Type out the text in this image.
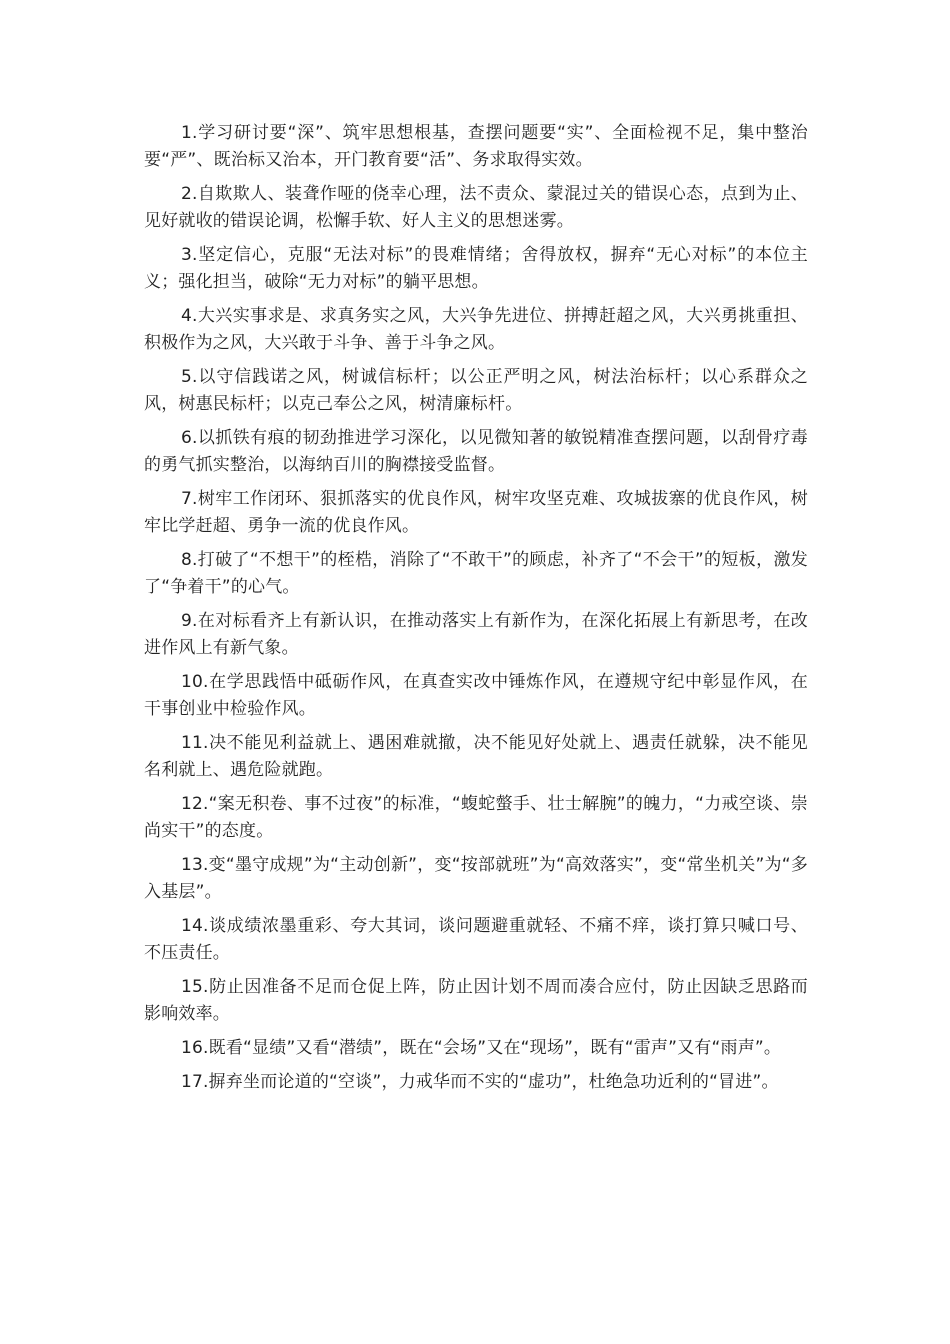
1.学习研讨要“深”、筑牢思想根基，查摆问题要“实”、全面检视不足，集中整治要“严”、既治标又治本，开门教育要“活”、务求取得实效。

2.自欺欺人、装聋作哑的侥幸心理，法不责众、蒙混过关的错误心态，点到为止、见好就收的错误论调，松懈手软、好人主义的思想迷雾。

3.坚定信心，克服“无法对标”的畏难情绪；舍得放权，摒弃“无心对标”的本位主义；强化担当，破除“无力对标”的躺平思想。

4.大兴实事求是、求真务实之风，大兴争先进位、拼搏赶超之风，大兴勇挑重担、积极作为之风，大兴敢于斗争、善于斗争之风。

5.以守信践诺之风，树诚信标杆；以公正严明之风，树法治标杆；以心系群众之风，树惠民标杆；以克己奉公之风，树清廉标杆。

6.以抓铁有痕的韧劲推进学习深化，以见微知著的敏锐精准查摆问题，以刮骨疗毒的勇气抓实整治，以海纳百川的胸襟接受监督。

7.树牢工作闭环、狠抓落实的优良作风，树牢攻坚克难、攻城拔寨的优良作风，树牢比学赶超、勇争一流的优良作风。

8.打破了“不想干”的桎梏，消除了“不敢干”的顾虑，补齐了“不会干”的短板，激发了“争着干”的心气。

9.在对标看齐上有新认识，在推动落实上有新作为，在深化拓展上有新思考，在改进作风上有新气象。

10.在学思践悟中砥砺作风，在真查实改中锤炼作风，在遵规守纪中彰显作风，在干事创业中检验作风。

11.决不能见利益就上、遇困难就撤，决不能见好处就上、遇责任就躲，决不能见名利就上、遇危险就跑。

12.“案无积卷、事不过夜”的标准，“蝮蛇螫手、壮士解腕”的魄力，“力戒空谈、崇尚实干”的态度。

13.变“墨守成规”为“主动创新”，变“按部就班”为“高效落实”，变“常坐机关”为“多入基层”。

14.谈成绩浓墨重彩、夸大其词，谈问题避重就轻、不痛不痒，谈打算只喊口号、不压责任。

15.防止因准备不足而仓促上阵，防止因计划不周而凑合应付，防止因缺乏思路而影响效率。

16.既看“显绩”又看“潜绩”，既在“会场”又在“现场”，既有“雷声”又有“雨声”。

17.摒弃坐而论道的“空谈”，力戒华而不实的“虚功”，杜绝急功近利的“冒进”。
